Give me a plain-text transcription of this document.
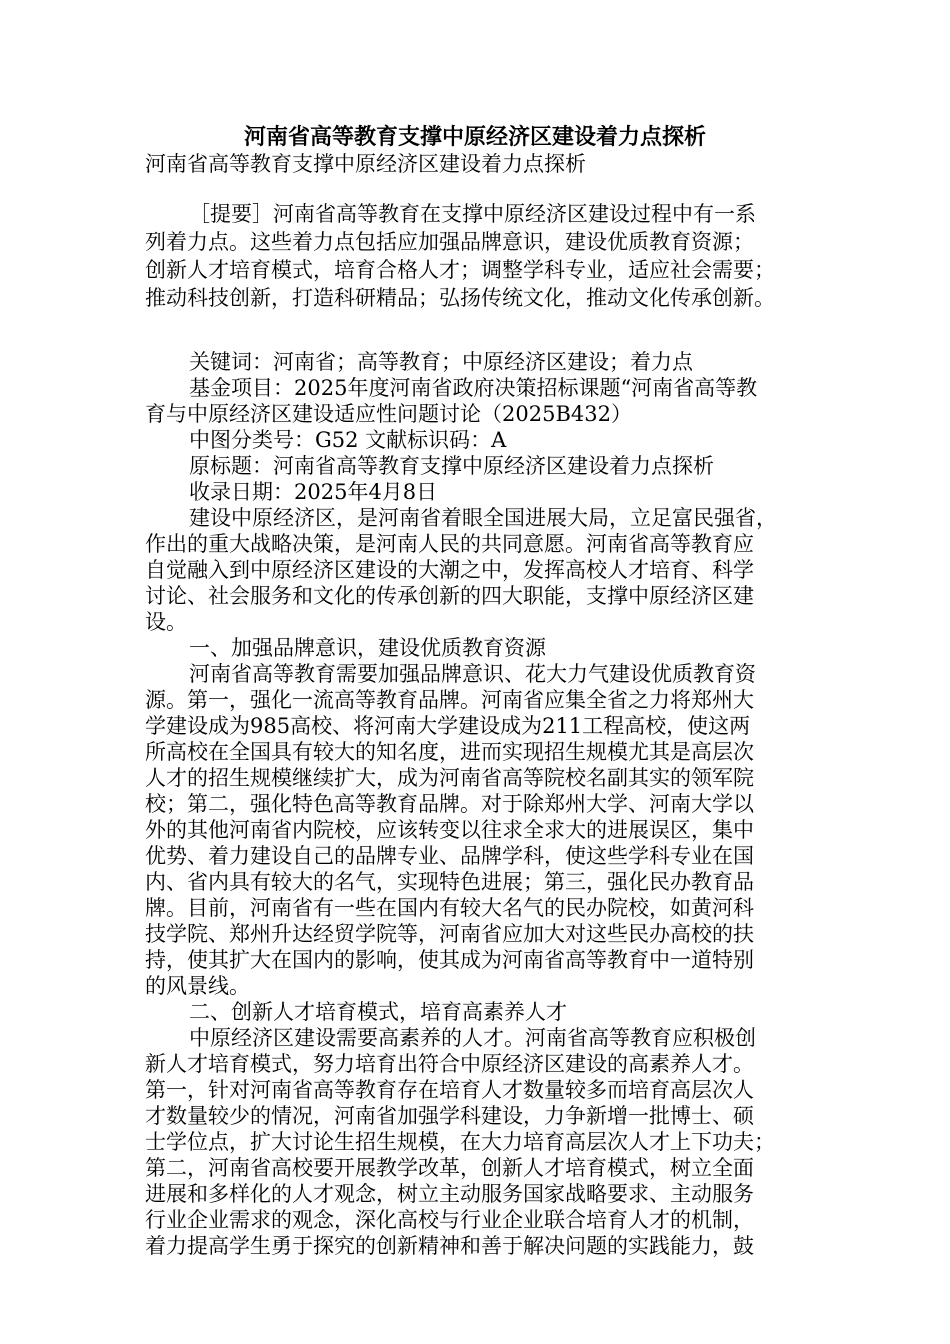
河南省高等教育支撑中原经济区建设着力点探析
河南省高等教育支撑中原经济区建设着力点探析
［提要］河南省高等教育在支撑中原经济区建设过程中有一系
列着力点。这些着力点包括应加强品牌意识，建设优质教育资源；
创新人才培育模式，培育合格人才；调整学科专业，适应社会需要；
推动科技创新，打造科研精品；弘扬传统文化，推动文化传承创新。
关键词：河南省；高等教育；中原经济区建设；着力点
基金项目：2025年度河南省政府决策招标课题“河南省高等教
育与中原经济区建设适应性问题讨论（2025B432）
中图分类号：G52 文献标识码：A
原标题：河南省高等教育支撑中原经济区建设着力点探析
收录日期：2025年4月8日
建设中原经济区，是河南省着眼全国进展大局，立足富民强省，
作出的重大战略决策，是河南人民的共同意愿。河南省高等教育应
自觉融入到中原经济区建设的大潮之中，发挥高校人才培育、科学
讨论、社会服务和文化的传承创新的四大职能，支撑中原经济区建
设。
一、加强品牌意识，建设优质教育资源
河南省高等教育需要加强品牌意识、花大力气建设优质教育资
源。第一，强化一流高等教育品牌。河南省应集全省之力将郑州大
学建设成为985高校、将河南大学建设成为211工程高校，使这两
所高校在全国具有较大的知名度，进而实现招生规模尤其是高层次
人才的招生规模继续扩大，成为河南省高等院校名副其实的领军院
校；第二，强化特色高等教育品牌。对于除郑州大学、河南大学以
外的其他河南省内院校，应该转变以往求全求大的进展误区，集中
优势、着力建设自己的品牌专业、品牌学科，使这些学科专业在国
内、省内具有较大的名气，实现特色进展；第三，强化民办教育品
牌。目前，河南省有一些在国内有较大名气的民办院校，如黄河科
技学院、郑州升达经贸学院等，河南省应加大对这些民办高校的扶
持，使其扩大在国内的影响，使其成为河南省高等教育中一道特别
的风景线。
二、创新人才培育模式，培育高素养人才
中原经济区建设需要高素养的人才。河南省高等教育应积极创
新人才培育模式，努力培育出符合中原经济区建设的高素养人才。
第一，针对河南省高等教育存在培育人才数量较多而培育高层次人
才数量较少的情况，河南省加强学科建设，力争新增一批博士、硕
士学位点，扩大讨论生招生规模，在大力培育高层次人才上下功夫；
第二，河南省高校要开展教学改革，创新人才培育模式，树立全面
进展和多样化的人才观念，树立主动服务国家战略要求、主动服务
行业企业需求的观念，深化高校与行业企业联合培育人才的机制，
着力提高学生勇于探究的创新精神和善于解决问题的实践能力，鼓
